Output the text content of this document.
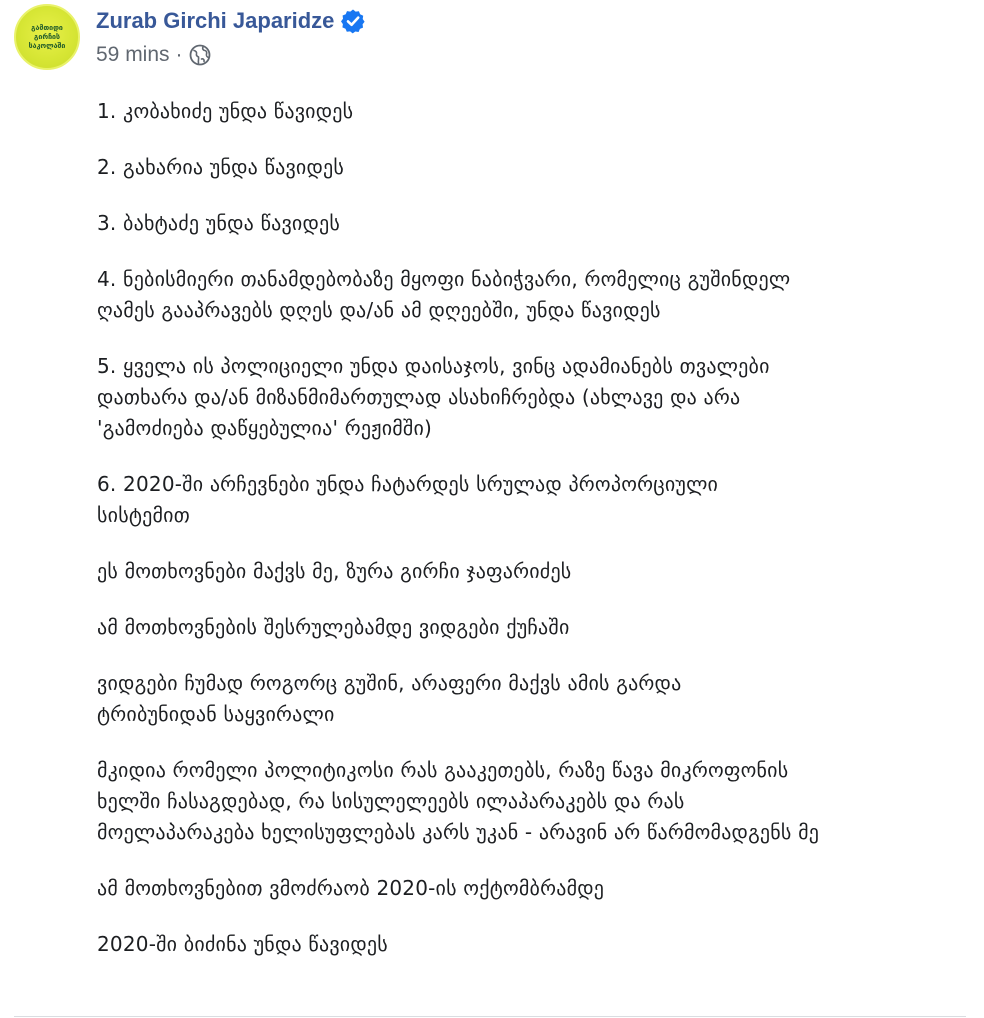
გამთიდი
გირჩის
საკოლაში
Zurab Girchi Japaridze
59 mins ·

1. კობახიძე უნდა წავიდეს

2. გახარია უნდა წავიდეს

3. ბახტაძე უნდა წავიდეს

4. ნებისმიერი თანამდებობაზე მყოფი ნაბიჭვარი, რომელიც გუშინდელ
ღამეს გააპრავებს დღეს და/ან ამ დღეებში, უნდა წავიდეს

5. ყველა ის პოლიციელი უნდა დაისაჯოს, ვინც ადამიანებს თვალები
დათხარა და/ან მიზანმიმართულად ასახიჩრებდა (ახლავე და არა
'გამოძიება დაწყებულია' რეჟიმში)

6. 2020-ში არჩევნები უნდა ჩატარდეს სრულად პროპორციული
სისტემით

ეს მოთხოვნები მაქვს მე, ზურა გირჩი ჯაფარიძეს

ამ მოთხოვნების შესრულებამდე ვიდგები ქუჩაში

ვიდგები ჩუმად როგორც გუშინ, არაფერი მაქვს ამის გარდა
ტრიბუნიდან საყვირალი

მკიდია რომელი პოლიტიკოსი რას გააკეთებს, რაზე წავა მიკროფონის
ხელში ჩასაგდებად, რა სისულელეებს ილაპარაკებს და რას
მოელაპარაკება ხელისუფლებას კარს უკან - არავინ არ წარმომადგენს მე

ამ მოთხოვნებით ვმოძრაობ 2020-ის ოქტომბრამდე

2020-ში ბიძინა უნდა წავიდეს
